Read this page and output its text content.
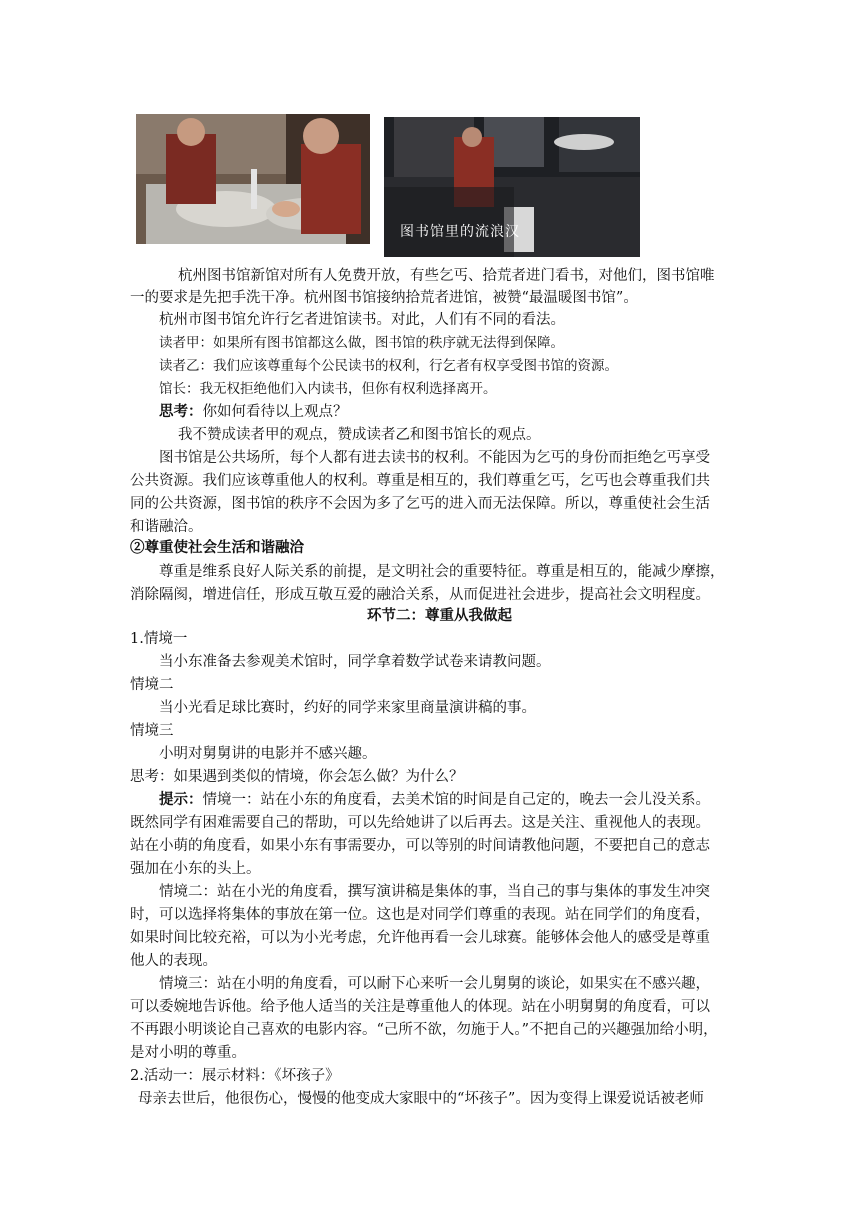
图书馆里的流浪汉
杭州图书馆新馆对所有人免费开放，有些乞丐、拾荒者进门看书，对他们，图书馆唯
一的要求是先把手洗干净。杭州图书馆接纳拾荒者进馆，被赞“最温暖图书馆”。
杭州市图书馆允许行乞者进馆读书。对此，人们有不同的看法。
读者甲：如果所有图书馆都这么做，图书馆的秩序就无法得到保障。
读者乙：我们应该尊重每个公民读书的权利，行乞者有权享受图书馆的资源。
馆长：我无权拒绝他们入内读书，但你有权利选择离开。
思考：你如何看待以上观点？
我不赞成读者甲的观点，赞成读者乙和图书馆长的观点。
图书馆是公共场所，每个人都有进去读书的权利。不能因为乞丐的身份而拒绝乞丐享受
公共资源。我们应该尊重他人的权利。尊重是相互的，我们尊重乞丐，乞丐也会尊重我们共
同的公共资源，图书馆的秩序不会因为多了乞丐的进入而无法保障。所以，尊重使社会生活
和谐融洽。
②尊重使社会生活和谐融洽
尊重是维系良好人际关系的前提，是文明社会的重要特征。尊重是相互的，能减少摩擦，
消除隔阂，增进信任，形成互敬互爱的融洽关系，从而促进社会进步，提高社会文明程度。
环节二：尊重从我做起
1.情境一
当小东准备去参观美术馆时，同学拿着数学试卷来请教问题。
情境二
当小光看足球比赛时，约好的同学来家里商量演讲稿的事。
情境三
小明对舅舅讲的电影并不感兴趣。
思考：如果遇到类似的情境，你会怎么做？为什么？
提示：情境一：站在小东的角度看，去美术馆的时间是自己定的，晚去一会儿没关系。
既然同学有困难需要自己的帮助，可以先给她讲了以后再去。这是关注、重视他人的表现。
站在小萌的角度看，如果小东有事需要办，可以等别的时间请教他问题，不要把自己的意志
强加在小东的头上。
情境二：站在小光的角度看，撰写演讲稿是集体的事，当自己的事与集体的事发生冲突
时，可以选择将集体的事放在第一位。这也是对同学们尊重的表现。站在同学们的角度看，
如果时间比较充裕，可以为小光考虑，允许他再看一会儿球赛。能够体会他人的感受是尊重
他人的表现。
情境三：站在小明的角度看，可以耐下心来听一会儿舅舅的谈论，如果实在不感兴趣，
可以委婉地告诉他。给予他人适当的关注是尊重他人的体现。站在小明舅舅的角度看，可以
不再跟小明谈论自己喜欢的电影内容。“己所不欲，勿施于人。”不把自己的兴趣强加给小明，
是对小明的尊重。
2.活动一：展示材料：《坏孩子》
母亲去世后，他很伤心，慢慢的他变成大家眼中的“坏孩子”。因为变得上课爱说话被老师
